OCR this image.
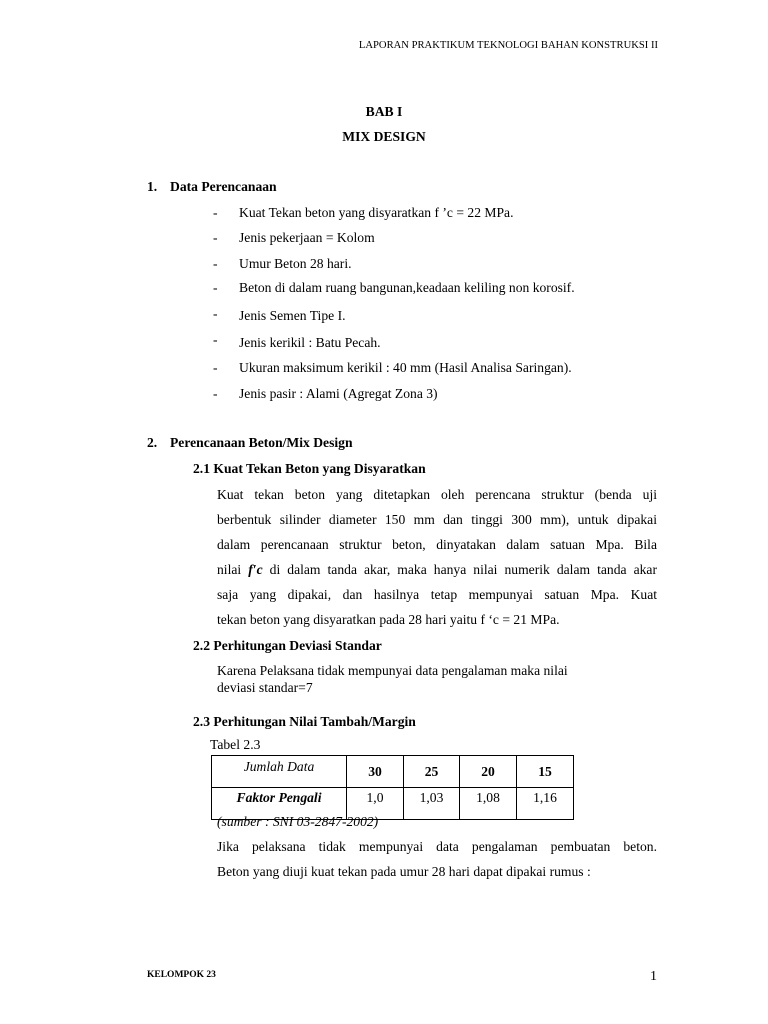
LAPORAN PRAKTIKUM TEKNOLOGI BAHAN KONSTRUKSI II
BAB I
MIX DESIGN
1. Data Perencanaan
- Kuat Tekan beton yang disyaratkan f ’c = 22 MPa.
- Jenis pekerjaan = Kolom
- Umur Beton 28 hari.
- Beton di dalam ruang bangunan,keadaan keliling non korosif.
- Jenis Semen Tipe I.
- Jenis kerikil : Batu Pecah.
- Ukuran maksimum kerikil : 40 mm (Hasil Analisa Saringan).
- Jenis pasir : Alami (Agregat Zona 3)
2. Perencanaan Beton/Mix Design
2.1 Kuat Tekan Beton yang Disyaratkan
Kuat tekan beton yang ditetapkan oleh perencana struktur (benda uji
berbentuk silinder diameter 150 mm dan tinggi 300 mm), untuk dipakai
dalam perencanaan struktur beton, dinyatakan dalam satuan Mpa. Bila
nilai f′c di dalam tanda akar, maka hanya nilai numerik dalam tanda akar
saja yang dipakai, dan hasilnya tetap mempunyai satuan Mpa. Kuat
tekan beton yang disyaratkan pada 28 hari yaitu f ‘c = 21 MPa.
2.2 Perhitungan Deviasi Standar
Karena Pelaksana tidak mempunyai data pengalaman maka nilai
deviasi standar=7
2.3 Perhitungan Nilai Tambah/Margin
Tabel 2.3
Jumlah Data	30	25	20	15
Faktor Pengali	1,0	1,03	1,08	1,16
(sumber : SNI 03-2847-2002)
Jika pelaksana tidak mempunyai data pengalaman pembuatan beton.
Beton yang diuji kuat tekan pada umur 28 hari dapat dipakai rumus :
KELOMPOK 23	1
